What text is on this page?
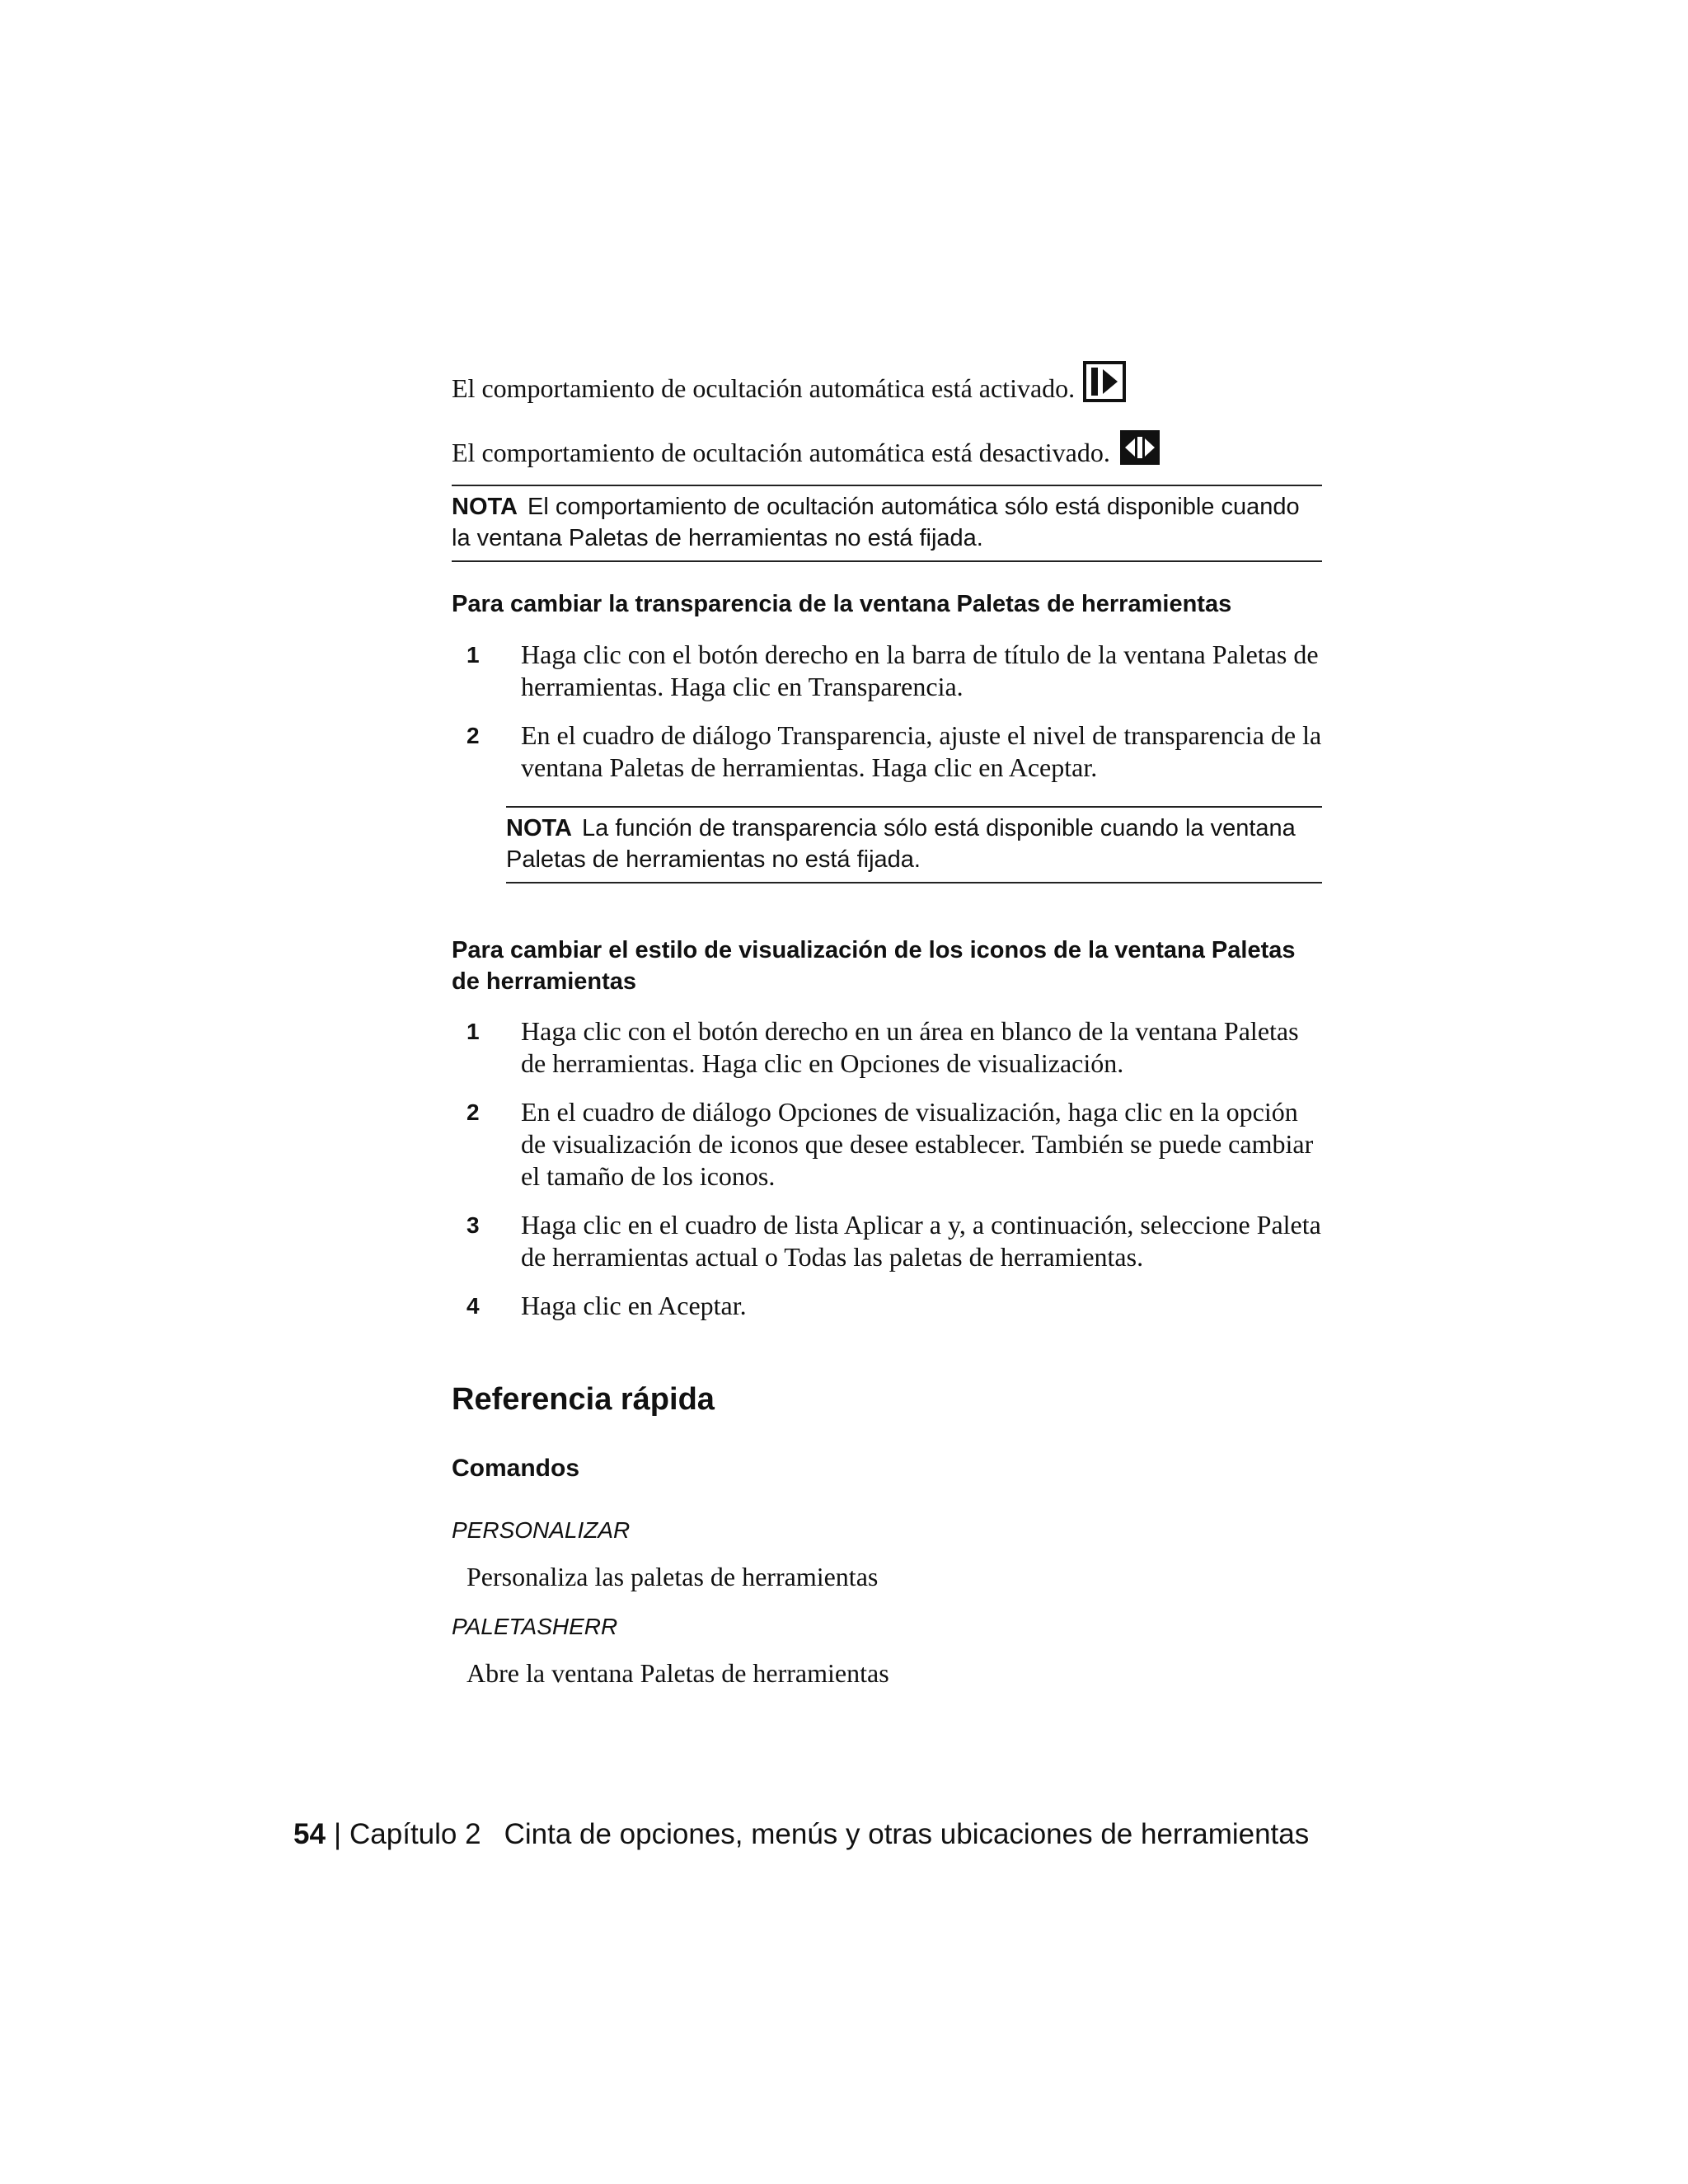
El comportamiento de ocultación automática está activado.
El comportamiento de ocultación automática está desactivado.
NOTA El comportamiento de ocultación automática sólo está disponible cuando la ventana Paletas de herramientas no está fijada.
Para cambiar la transparencia de la ventana Paletas de herramientas
1 Haga clic con el botón derecho en la barra de título de la ventana Paletas de herramientas. Haga clic en Transparencia.
2 En el cuadro de diálogo Transparencia, ajuste el nivel de transparencia de la ventana Paletas de herramientas. Haga clic en Aceptar.
NOTA La función de transparencia sólo está disponible cuando la ventana Paletas de herramientas no está fijada.
Para cambiar el estilo de visualización de los iconos de la ventana Paletas de herramientas
1 Haga clic con el botón derecho en un área en blanco de la ventana Paletas de herramientas. Haga clic en Opciones de visualización.
2 En el cuadro de diálogo Opciones de visualización, haga clic en la opción de visualización de iconos que desee establecer. También se puede cambiar el tamaño de los iconos.
3 Haga clic en el cuadro de lista Aplicar a y, a continuación, seleccione Paleta de herramientas actual o Todas las paletas de herramientas.
4 Haga clic en Aceptar.
Referencia rápida
Comandos
PERSONALIZAR
Personaliza las paletas de herramientas
PALETASHERR
Abre la ventana Paletas de herramientas
54 | Capítulo 2 Cinta de opciones, menús y otras ubicaciones de herramientas
